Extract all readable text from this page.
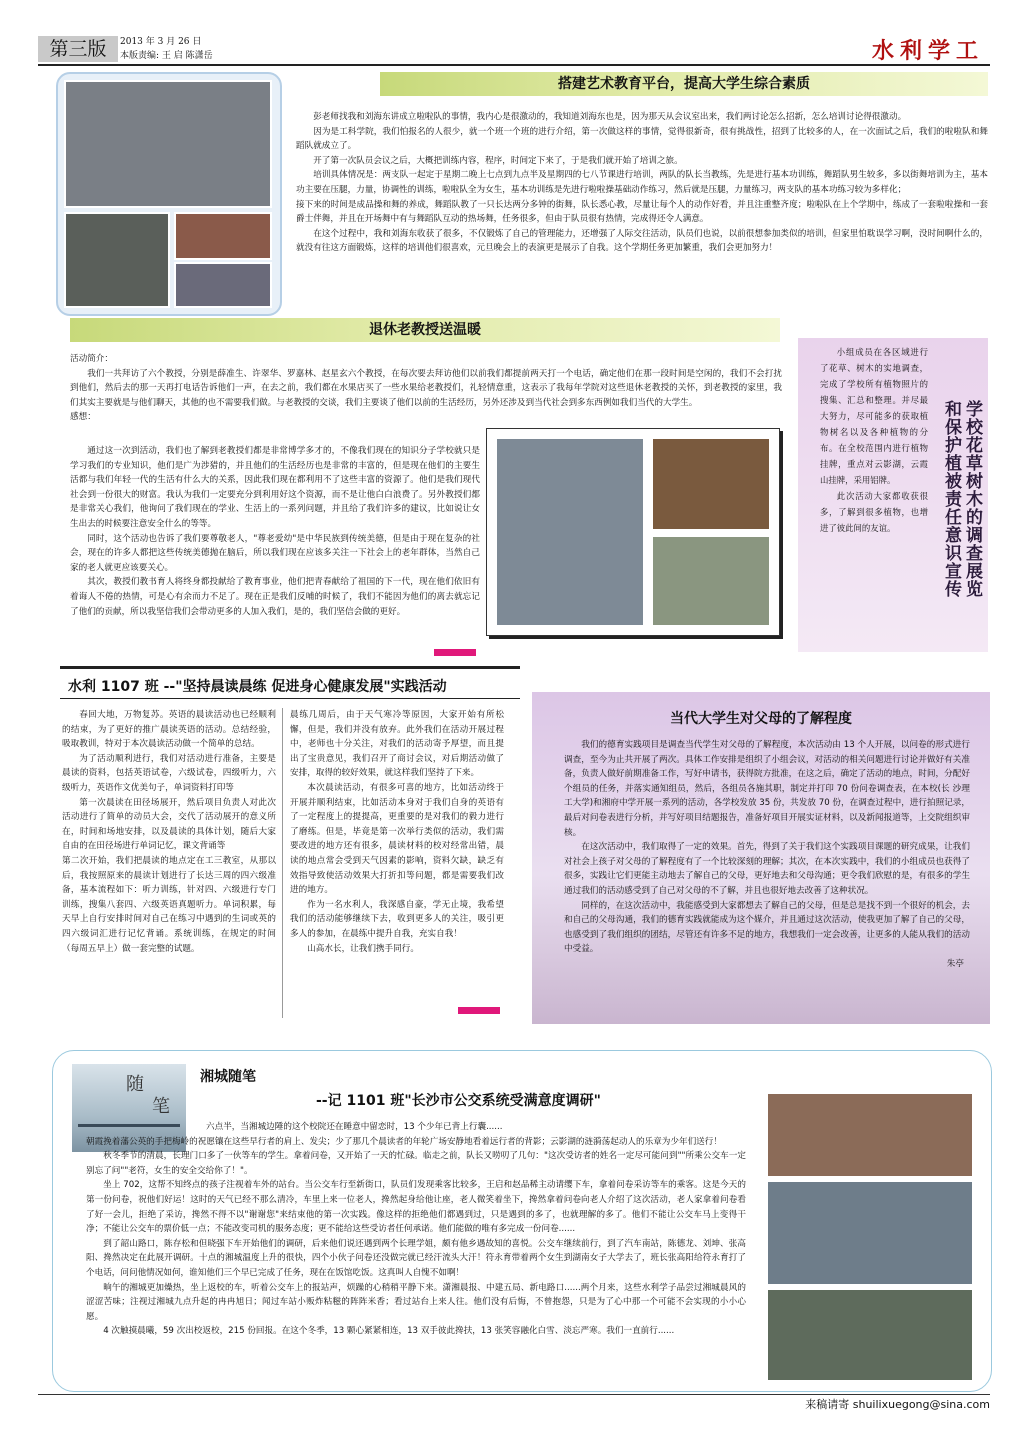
第三版	2013 年 3 月 26 日
本版责编: 王 启 陈潇岳	水利学工
搭建艺术教育平台，提高大学生综合素质

彭老师找我和刘海东讲成立啦啦队的事情，我内心是很激动的，我知道刘海东也是，因为那天从会议室出来，我们两讨论怎么招新，怎么培训讨论得很激动。

因为是工科学院，我们怕报名的人很少，就一个班一个班的进行介绍，第一次做这样的事情，觉得很新奇，很有挑战性，招到了比较多的人，在一次面试之后，我们的啦啦队和舞蹈队就成立了。

开了第一次队员会议之后，大概把训练内容，程序，时间定下来了，于是我们就开始了培训之旅。

培训具体情况是：两支队一起定于星期二晚上七点到九点半及星期四的七八节课进行培训，两队的队长当教练，先是进行基本功训练，舞蹈队男生较多，多以街舞培训为主，基本功主要在压腿，力量，协调性的训练，啦啦队全为女生，基本功训练是先进行啦啦操基础动作练习，然后就是压腿，力量练习，两支队的基本功练习较为多样化；

接下来的时间是成品操和舞的养成，舞蹈队教了一只长达两分多钟的街舞，队长悉心教，尽量让每个人的动作好看，并且注重整齐度；啦啦队在上个学期中，练成了一套啦啦操和一套爵士伴舞，并且在开场舞中有与舞蹈队互动的热场舞，任务很多，但由于队员很有热情，完成得还令人满意。

在这个过程中，我和刘海东收获了很多，不仅锻炼了自己的管理能力，还增强了人际交往活动，队员们也说，以前很想参加类似的培训，但家里怕耽误学习啊，没时间啊什么的，就没有往这方面锻炼，这样的培训他们很喜欢，元旦晚会上的表演更是展示了自我。这个学期任务更加繁重，我们会更加努力！

退休老教授送温暖

活动简介：

我们一共拜访了六个教授，分别是薛准生、许翠华、罗嘉林、赵星玄六个教授，在每次要去拜访他们以前我们都提前两天打一个电话，确定他们在那一段时间是空闲的，我们不会打扰到他们，然后去的那一天再打电话告诉他们一声，在去之前，我们都在水果店买了一些水果给老教授们，礼轻情意重，这表示了我每年学院对这些退休老教授的关怀，到老教授的家里，我们其实主要就是与他们聊天，其他的也不需要我们做。与老教授的交谈，我们主要谈了他们以前的生活经历，另外还涉及到当代社会到多东西例如我们当代的大学生。

感想：

通过这一次到活动，我们也了解到老教授们都是非常博学多才的，不像我们现在的知识分子学校就只是学习我们的专业知识，他们是广为涉猎的，并且他们的生活经历也是非常的丰富的，但是现在他们的主要生活都与我们年轻一代的生活有什么大的关系，因此我们现在都利用不了这些丰富的资源了。他们是我们现代社会到一份很大的财富。我认为我们一定要充分到利用好这个资源，而不是让他白白浪费了。另外教授们都是非常关心我们，他询问了我们现在的学业、生活上的一系列问题，并且给了我们许多的建议，比如说让女生出去的时候要注意安全什么的等等。

同时，这个活动也告诉了我们要尊敬老人，"尊老爱幼"是中华民族到传统美德，但是由于现在复杂的社会，现在的许多人都把这些传统美德抛在脑后，所以我们现在应该多关注一下社会上的老年群体，当然自己家的老人就更应该要关心。

其次，教授们教书育人将终身都投献给了教育事业，他们把青春献给了祖国的下一代，现在他们依旧有着诲人不倦的热情，可是心有余而力不足了。现在正是我们反哺的时候了，我们不能因为他们的离去就忘记了他们的贡献，所以我坚信我们会带动更多的人加入我们，是的，我们坚信会做的更好。

小组成员在各区域进行了花草、树木的实地调查，完成了学校所有植物照片的搜集、汇总和整理。并尽最大努力，尽可能多的获取植物树名以及各种植物的分布。在全校范围内进行植物挂牌，重点对云影湖，云霞山挂牌，采用铝牌。

此次活动大家都收获很多，了解到很多植物，也增进了彼此间的友谊。	学校花草树木的调查展览和保护植被责任意识宣传
水利 1107 班 --"坚持晨读晨练 促进身心健康发展"实践活动

春回大地，万物复苏。英语的晨读活动也已经顺利的结束，为了更好的推广晨读英语的活动。总结经验，吸取教训，特对于本次晨读活动做一个简单的总结。

为了活动顺利进行，我们对活动进行准备，主要是晨读的资料，包括英语试卷，六级试卷，四级听力，六级听力，英语作文优美句子，单词资料打印等

第一次晨读在田径场展开，然后项目负责人对此次活动进行了简单的动员大会，交代了活动展开的意义所在，时间和场地安排，以及晨读的具体计划，随后大家自由的在田径场进行单词记忆，课文背诵等

第二次开始，我们把晨读的地点定在工三教室，从那以后，我按照原来的晨读计划进行了长达三周的四六级准备，基本流程如下：听力训练，针对四、六级进行专门训练，搜集八套四、六级英语真题听力。单词积累，每天早上自行安排时间对自己在练习中遇到的生词或英的四六级词汇进行记忆背诵。系统训练，在规定的时间（每周五早上）做一套完整的试题。

晨练几周后，由于天气寒冷等原因，大家开始有所松懈，但是，我们并没有放弃。此外我们在活动开展过程中，老师也十分关注，对我们的活动寄予厚望，而且提出了宝贵意见，我们召开了商讨会议，对后期活动做了安排，取得的较好效果，就这样我们坚持了下来。

本次晨读活动，有很多可喜的地方，比如活动终于开展并顺利结束，比如活动本身对于我们自身的英语有了一定程度上的提提高，更重要的是对我们的毅力进行了磨练。但是，毕竟是第一次举行类似的活动，我们需要改进的地方还有很多，晨读材料的校对经常出错，晨读的地点常会受到天气因素的影响，资料欠缺，缺乏有效指导致使活动效果大打折扣等问题，都是需要我们改进的地方。

作为一名水利人，我深感自豪，学无止境，我希望我们的活动能够继续下去，收到更多人的关注，吸引更多人的参加，在晨练中提升自我，充实自我！

山高水长，让我们携手同行。

当代大学生对父母的了解程度

我们的德育实践项目是调查当代学生对父母的了解程度，本次活动由 13 个人开展，以问卷的形式进行调查，至今为止共开展了两次。具体工作安排是组织了小组会议，对活动的相关问题进行讨论并做好有关准备，负责人做好前期准备工作，写好申请书，获得院方批准，在这之后，确定了活动的地点，时间，分配好个组员的任务，并落实通知组员，然后，各组员各施其职，制定并打印 70 份问卷调查表，在本校(长 沙理工大学)和湘府中学开展一系列的活动，各学校发放 35 份，共发放 70 份，在调查过程中，进行拍照记录，最后对问卷表进行分析，并写好项目结题报告，准备好项目开展实证材料，以及新闻报道等，上交院组织审核。

在这次活动中，我们取得了一定的效果。首先，得到了关于我们这个实践项目课题的研究成果，让我们对社会上孩子对父母的了解程度有了一个比较深刻的理解；其次，在本次实践中，我们的小组成员也获得了很多，实践让它们更能主动地去了解自己的父母，更好地去和父母沟通；更令我们欣慰的是，有很多的学生通过我们的活动感受到了自己对父母的不了解，并且也很好地去改善了这种状况。

同样的，在这次活动中，我能感受到大家都想去了解自己的父母，但是总是找不到一个很好的机会，去和自己的父母沟通，我们的德育实践就能成为这个媒介，并且通过这次活动，使我更加了解了自己的父母，也感受到了我们组织的团结，尽管还有许多不足的地方，我想我们一定会改善，让更多的人能从我们的活动中受益。

朱亭

随
笔
湘城随笔
--记 1101 班"长沙市公交系统受满意度调研"

六点半，当湘城边陲的这个校院还在睡意中留恋时，13 个少年已背上行囊......

朝霞挽着藩公英的手把梅岭的祝愿镶在这些早行者的肩上、发尖；少了那几个晨读者的年轮广场安静地看着远行者的背影；云影湖的涟漪荡起动人的乐章为少年们送行！

秋冬季节的清晨，长理门口多了一伙等车的学生。拿着问卷，又开始了一天的忙碌。临走之前，队长又唠叨了几句："这次受访者的姓名一定尽可能问到""所乘公交车一定别忘了问""老符，女生的安全交给你了！"。

坐上 702，这帮不知终点的孩子注视着车外的站台。当公交车行至新街口，队员们发现乘客比较多，王启和赵品稀主动请缨下车，拿着问卷采访等车的乘客。这是今天的第一份问卷，祝他们好运！这时的天气已经不那么清冷，车里上来一位老人，搀然起身给他让座，老人微笑着坐下，搀然拿着问卷向老人介绍了这次活动，老人家拿着问卷看了好一会儿，拒绝了采访，搀然不得不以"谢谢您"来结束他的第一次实践。像这样的拒绝他们都遇到过，只是遇到的多了，也就理解的多了。他们不能让公交车马上变得干净；不能让公交车的票价低一点；不能改变司机的服务态度；更不能给这些受访者任何承诺。他们能做的唯有多完成一份问卷......

到了韶山路口，陈存松和但晓强下车开始他们的调研，后来他们说还遇到两个长理学姐，颇有他乡遇故知的喜悦。公交车继续前行，到了汽车南站，陈德龙、刘坤、张高阳、搀然决定在此展开调研。十点的湘城温度上升的很快，四个小伙子问卷还没做完就已经汗流头大汗！符永育带着两个女生到湖南女子大学去了，班长张高阳给符永育打了个电话，问问他情况如何，谁知他们三个早已完成了任务，现在在饭馆吃饭。这真叫人自愧不如啊！

晌午的湘城更加燥热，坐上返校的车，听着公交车上的报站声，烦躁的心稍稍平静下来。潇湘晨报、中建五局、新电路口......两个月来，这些水利学子品尝过湘城晨风的涩涩苦味；注视过湘城九点升起的冉冉旭日；闻过车站小贩炸粘糍的阵阵米香；看过站台上来人往。他们没有后悔，不曾抱怨，只是为了心中那一个可能不会实现的小小心愿。

4 次触摸晨曦，59 次出校返校，215 份回报。在这个冬季，13 颗心紧紧相连，13 双手彼此搀扶，13 张笑容融化白雪、淡忘严寒。我们一直前行......

来稿请寄 shuilixuegong@sina.com
